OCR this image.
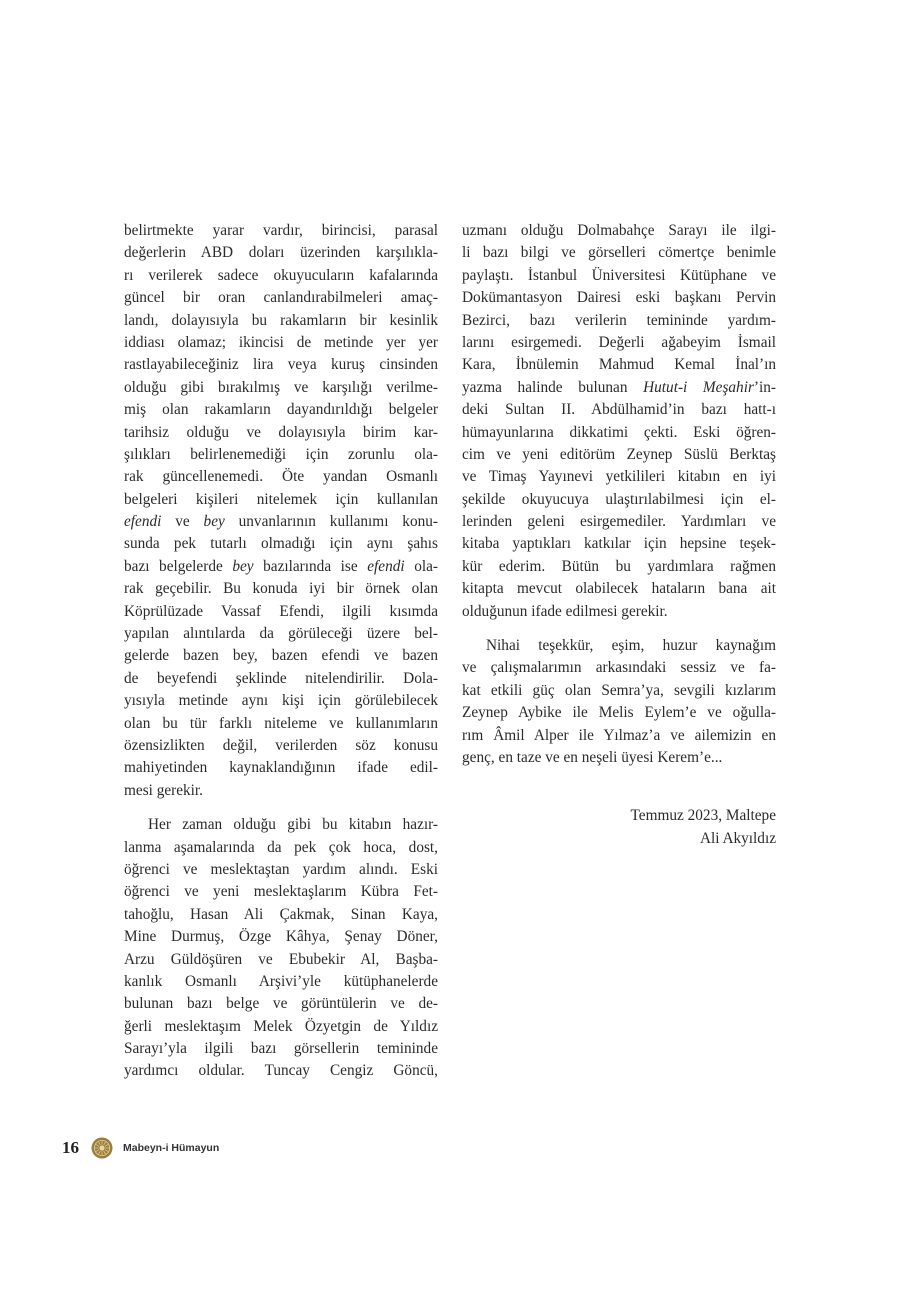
belirtmekte yarar vardır, birincisi, parasal
değerlerin ABD doları üzerinden karşılıkla-
rı verilerek sadece okuyucuların kafalarında
güncel bir oran canlandırabilmeleri amaç-
landı, dolayısıyla bu rakamların bir kesinlik
iddiası olamaz; ikincisi de metinde yer yer
rastlayabileceğiniz lira veya kuruş cinsinden
olduğu gibi bırakılmış ve karşılığı verilme-
miş olan rakamların dayandırıldığı belgeler
tarihsiz olduğu ve dolayısıyla birim kar-
şılıkları belirlenemediği için zorunlu ola-
rak güncellenemedi. Öte yandan Osmanlı
belgeleri kişileri nitelemek için kullanılan
efendi ve bey unvanlarının kullanımı konu-
sunda pek tutarlı olmadığı için aynı şahıs
bazı belgelerde bey bazılarında ise efendi ola-
rak geçebilir. Bu konuda iyi bir örnek olan
Köprülüzade Vassaf Efendi, ilgili kısımda
yapılan alıntılarda da görüleceği üzere bel-
gelerde bazen bey, bazen efendi ve bazen
de beyefendi şeklinde nitelendirilir. Dola-
yısıyla metinde aynı kişi için görülebilecek
olan bu tür farklı niteleme ve kullanımların
özensizlikten değil, verilerden söz konusu
mahiyetinden kaynaklandığının ifade edil-
mesi gerekir.
Her zaman olduğu gibi bu kitabın hazır-
lanma aşamalarında da pek çok hoca, dost,
öğrenci ve meslektaştan yardım alındı. Eski
öğrenci ve yeni meslektaşlarım Kübra Fet-
tahoğlu, Hasan Ali Çakmak, Sinan Kaya,
Mine Durmuş, Özge Kâhya, Şenay Döner,
Arzu Güldöşüren ve Ebubekir Al, Başba-
kanlık Osmanlı Arşivi’yle kütüphanelerde
bulunan bazı belge ve görüntülerin ve de-
ğerli meslektaşım Melek Özyetgin de Yıldız
Sarayı’yla ilgili bazı görsellerin temininde
yardımcı oldular. Tuncay Cengiz Göncü,
uzmanı olduğu Dolmabahçe Sarayı ile ilgi-
li bazı bilgi ve görselleri cömertçe benimle
paylaştı. İstanbul Üniversitesi Kütüphane ve
Dokümantasyon Dairesi eski başkanı Pervin
Bezirci, bazı verilerin temininde yardım-
larını esirgemedi. Değerli ağabeyim İsmail
Kara, İbnülemin Mahmud Kemal İnal’ın
yazma halinde bulunan Hutut-i Meşahir’in-
deki Sultan II. Abdülhamid’in bazı hatt-ı
hümayunlarına dikkatimi çekti. Eski öğren-
cim ve yeni editörüm Zeynep Süslü Berktaş
ve Timaş Yayınevi yetkilileri kitabın en iyi
şekilde okuyucuya ulaştırılabilmesi için el-
lerinden geleni esirgemediler. Yardımları ve
kitaba yaptıkları katkılar için hepsine teşek-
kür ederim. Bütün bu yardımlara rağmen
kitapta mevcut olabilecek hataların bana ait
olduğunun ifade edilmesi gerekir.
Nihai teşekkür, eşim, huzur kaynağım
ve çalışmalarımın arkasındaki sessiz ve fa-
kat etkili güç olan Semra’ya, sevgili kızlarım
Zeynep Aybike ile Melis Eylem’e ve oğulla-
rım Âmil Alper ile Yılmaz’a ve ailemizin en
genç, en taze ve en neşeli üyesi Kerem’e...
Temmuz 2023, Maltepe
Ali Akyıldız
16	Mabeyn-i Hümayun
